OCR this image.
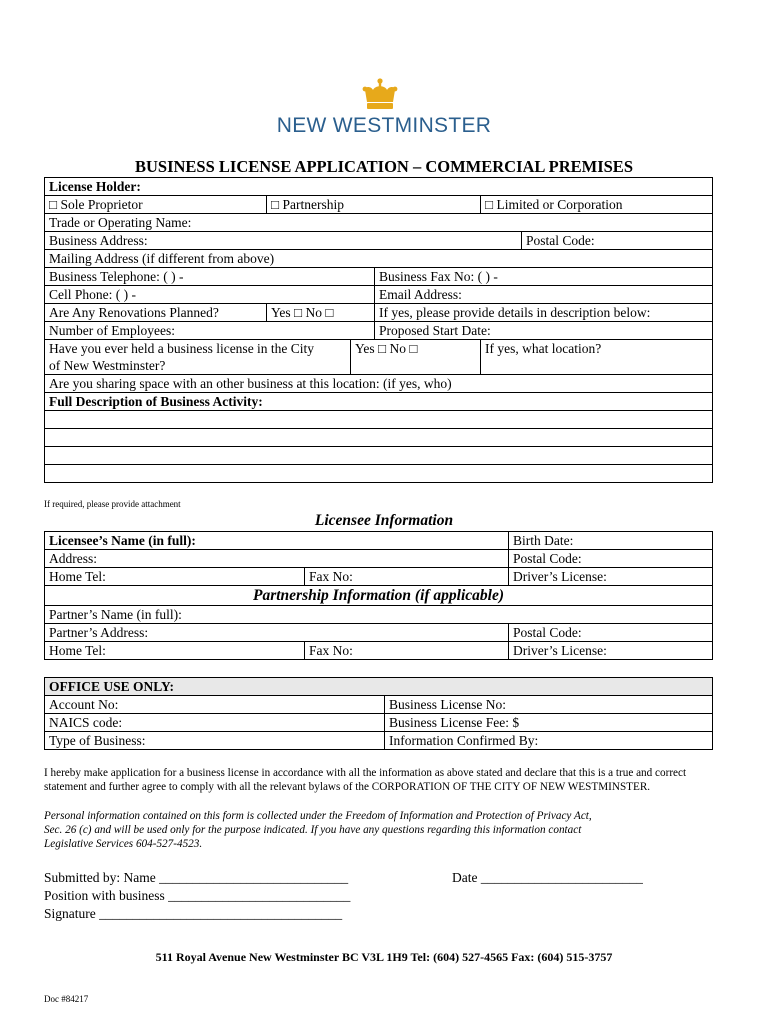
NEW WESTMINSTER
BUSINESS LICENSE APPLICATION – COMMERCIAL PREMISES
License Holder:					
□ Sole Proprietor	□ Partnership			□ Limited or Corporation	
Trade or Operating Name:					
Business Address:					Postal Code:
Mailing Address (if different from above)					
Business Telephone: ( ) -			Business Fax No: ( ) -		
Cell Phone: ( ) -			Email Address:		
Are Any Renovations Planned?	Yes □ No □		If yes, please provide details in description below:		
Number of Employees:			Proposed Start Date:		
Have you ever held a business license in the City
of New Westminster?		Yes □ No □		If yes, what location?	
Are you sharing space with an other business at this location: (if yes, who)					
Full Description of Business Activity:					

If required, please provide attachment
Licensee Information
Licensee’s Name (in full):		Birth Date:
Address:		Postal Code:
Home Tel:	Fax No:	Driver’s License:
Partnership Information (if applicable)		
Partner’s Name (in full):		
Partner’s Address:		Postal Code:
Home Tel:	Fax No:	Driver’s License:
OFFICE USE ONLY:	
Account No:	Business License No:
NAICS code:	Business License Fee: $
Type of Business:	Information Confirmed By:
I hereby make application for a business license in accordance with all the information as above stated and declare that this is a true and correct statement and further agree to comply with all the relevant bylaws of the CORPORATION OF THE CITY OF NEW WESTMINSTER.
Personal information contained on this form is collected under the Freedom of Information and Protection of Privacy Act,
Sec. 26 (c) and will be used only for the purpose indicated. If you have any questions regarding this information contact
Legislative Services 604-527-4523.
Submitted by: Name ____________________________	Date ________________________
Position with business ___________________________
Signature ____________________________________
511 Royal Avenue New Westminster BC V3L 1H9 Tel: (604) 527-4565 Fax: (604) 515-3757
Doc #84217
